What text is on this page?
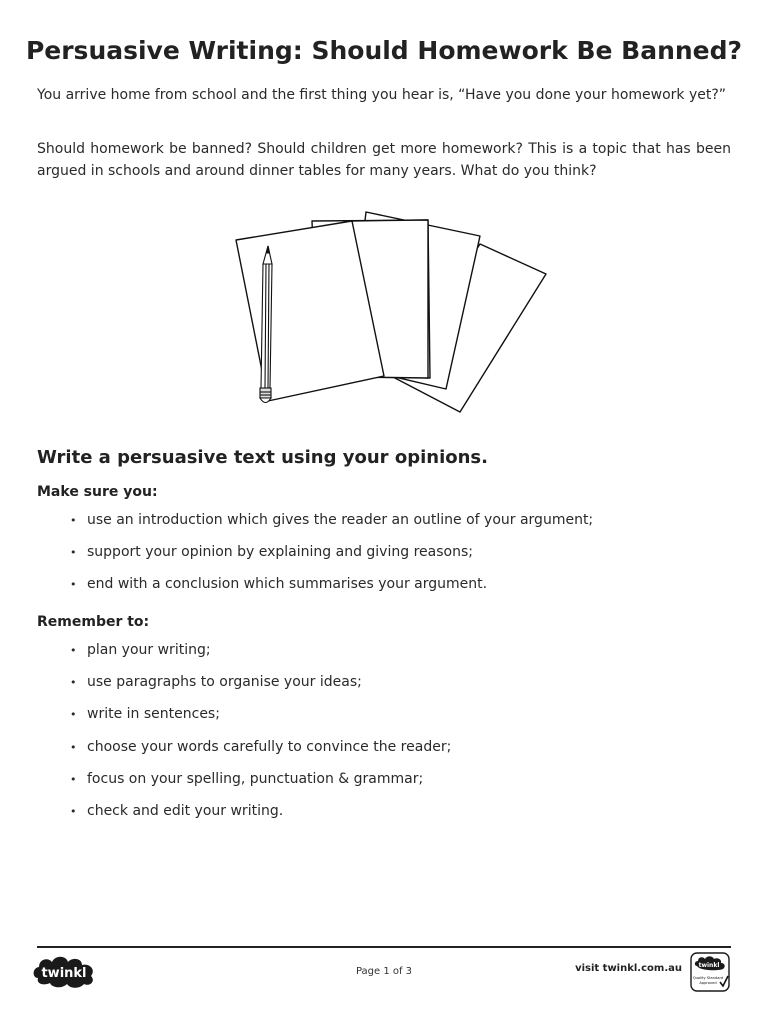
Persuasive Writing: Should Homework Be Banned?

You arrive home from school and the first thing you hear is, “Have you done your homework yet?”

Should homework be banned? Should children get more homework? This is a topic that has been argued in schools and around dinner tables for many years. What do you think?

Write a persuasive text using your opinions.
Make sure you:
• use an introduction which gives the reader an outline of your argument;
• support your opinion by explaining and giving reasons;
• end with a conclusion which summarises your argument.
Remember to:
• plan your writing;
• use paragraphs to organise your ideas;
• write in sentences;
• choose your words carefully to convince the reader;
• focus on your spelling, punctuation & grammar;
• check and edit your writing.
twinkl	Page 1 of 3	visit twinkl.com.au	twinkl
Quality Standard
Approved
